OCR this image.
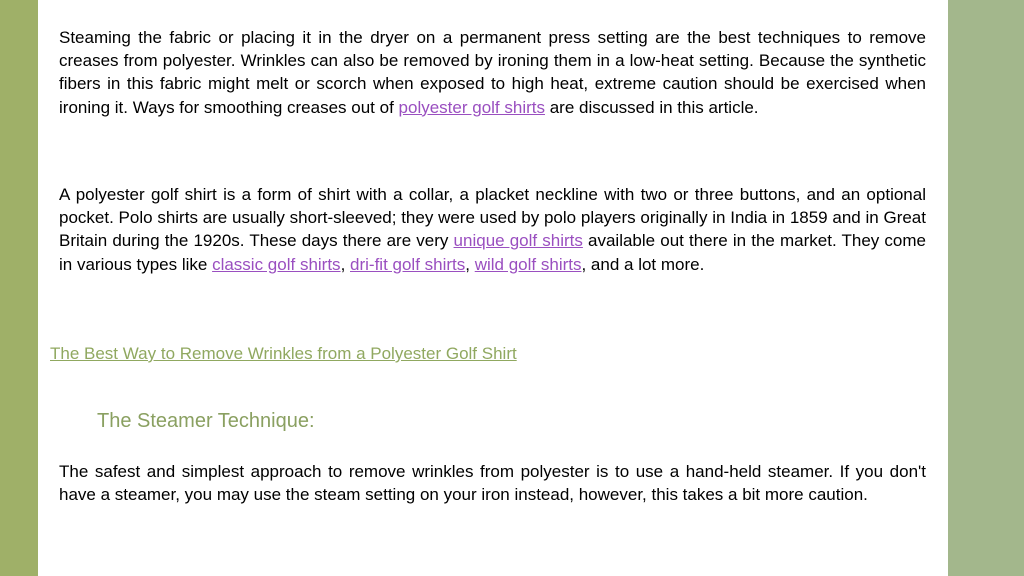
Steaming the fabric or placing it in the dryer on a permanent press setting are the best techniques to remove creases from polyester. Wrinkles can also be removed by ironing them in a low-heat setting. Because the synthetic fibers in this fabric might melt or scorch when exposed to high heat, extreme caution should be exercised when ironing it. Ways for smoothing creases out of polyester golf shirts are discussed in this article.

A polyester golf shirt is a form of shirt with a collar, a placket neckline with two or three buttons, and an optional pocket. Polo shirts are usually short-sleeved; they were used by polo players originally in India in 1859 and in Great Britain during the 1920s. These days there are very unique golf shirts available out there in the market. They come in various types like classic golf shirts, dri-fit golf shirts, wild golf shirts, and a lot more.

The Best Way to Remove Wrinkles from a Polyester Golf Shirt
The Steamer Technique:

The safest and simplest approach to remove wrinkles from polyester is to use a hand-held steamer. If you don't have a steamer, you may use the steam setting on your iron instead, however, this takes a bit more caution.
